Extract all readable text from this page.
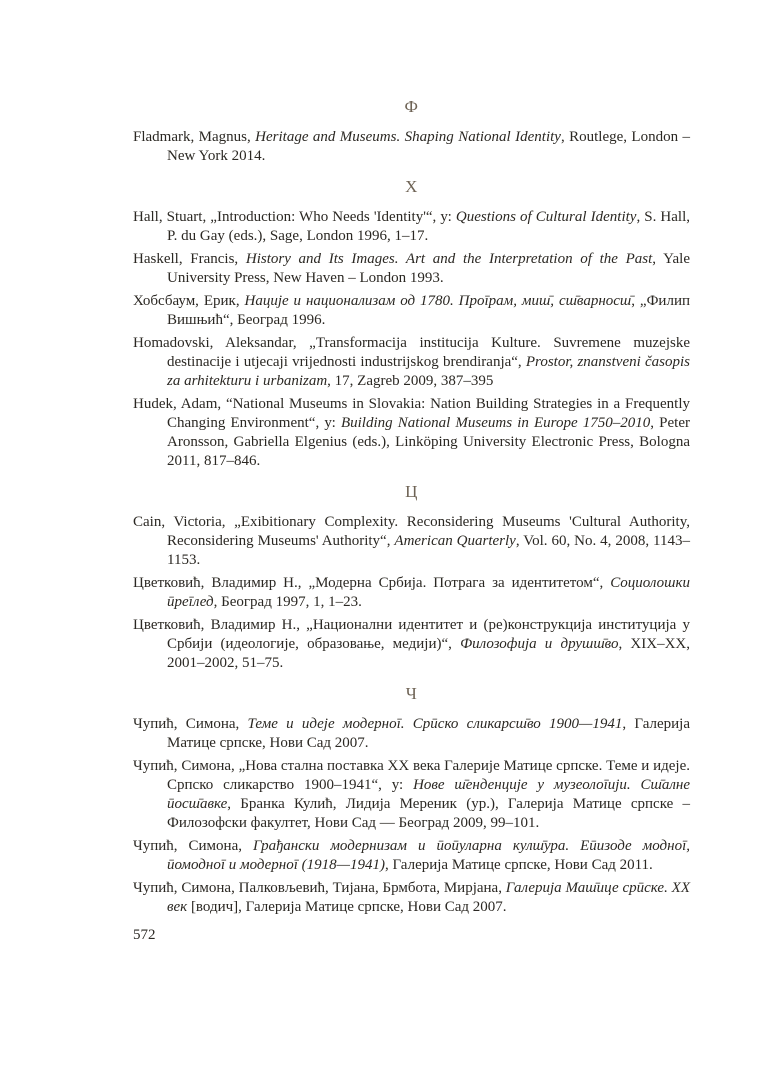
Ф

Fladmark, Magnus, Heritage and Museums. Shaping National Identity, Routlege, London – New York 2014.

Х

Hall, Stuart, „Introduction: Who Needs 'Identity'“, у: Questions of Cultural Identity, S. Hall, P. du Gay (eds.), Sage, London 1996, 1–17.

Haskell, Francis, History and Its Images. Art and the Interpretation of the Past, Yale University Press, New Haven – London 1993.

Хобсбаум, Ерик, Нације и национализам од 1780. Проīрам, миш̄, сш̄варносш̄, „Филип Вишњић“, Београд 1996.

Homadovski, Aleksandar, „Transformacija institucija Kulture. Suvremene muzejske destinacije i utjecaji vrijednosti industrijskog brendiranja“, Prostor, znanstveni časopis za arhitekturu i urbanizam, 17, Zagreb 2009, 387–395

Hudek, Adam, “National Museums in Slovakia: Nation Building Strategies in a Frequently Changing Environment“, у: Building National Museums in Europe 1750–2010, Peter Aronsson, Gabriella Elgenius (eds.), Linköping University Electronic Press, Bologna 2011, 817–846.

Ц

Cain, Victoria, „Exibitionary Complexity. Reconsidering Museums 'Cultural Authority, Reconsidering Museums' Authority“, American Quarterly, Vol. 60, No. 4, 2008, 1143–1153.

Цветковић, Владимир Н., „Модерна Србија. Потрага за идентитетом“, Социолошки ūреīлед, Београд 1997, 1, 1–23.

Цветковић, Владимир Н., „Национални идентитет и (ре)конструкција институција у Србији (идеологије, образовање, медији)“, Филозофија и друшш̄во, XIX–XX, 2001–2002, 51–75.

Ч

Чупић, Симона, Теме и идеје модерноī. Срūско сликарсш̄во 1900—1941, Галерија Матице српске, Нови Сад 2007.

Чупић, Симона, „Нова стална поставка ХХ века Галерије Матице српске. Теме и идеје. Српско сликарство 1900–1941“, у: Нове ш̄енденције у музеолоīији. Сш̄алне ūосш̄авке, Бранка Кулић, Лидија Мереник (ур.), Галерија Матице српске – Филозофски факултет, Нови Сад — Београд 2009, 99–101.

Чупић, Симона, Грађански модернизам и ūоūуларна кулш̄ура. Еūизоде модноī, ūомодноī и модерноī (1918—1941), Галерија Матице српске, Нови Сад 2011.

Чупић, Симона, Палковљевић, Тијана, Брмбота, Мирјана, Галерија Маш̄ице срūске. ХХ век [водич], Галерија Матице српске, Нови Сад 2007.

572
